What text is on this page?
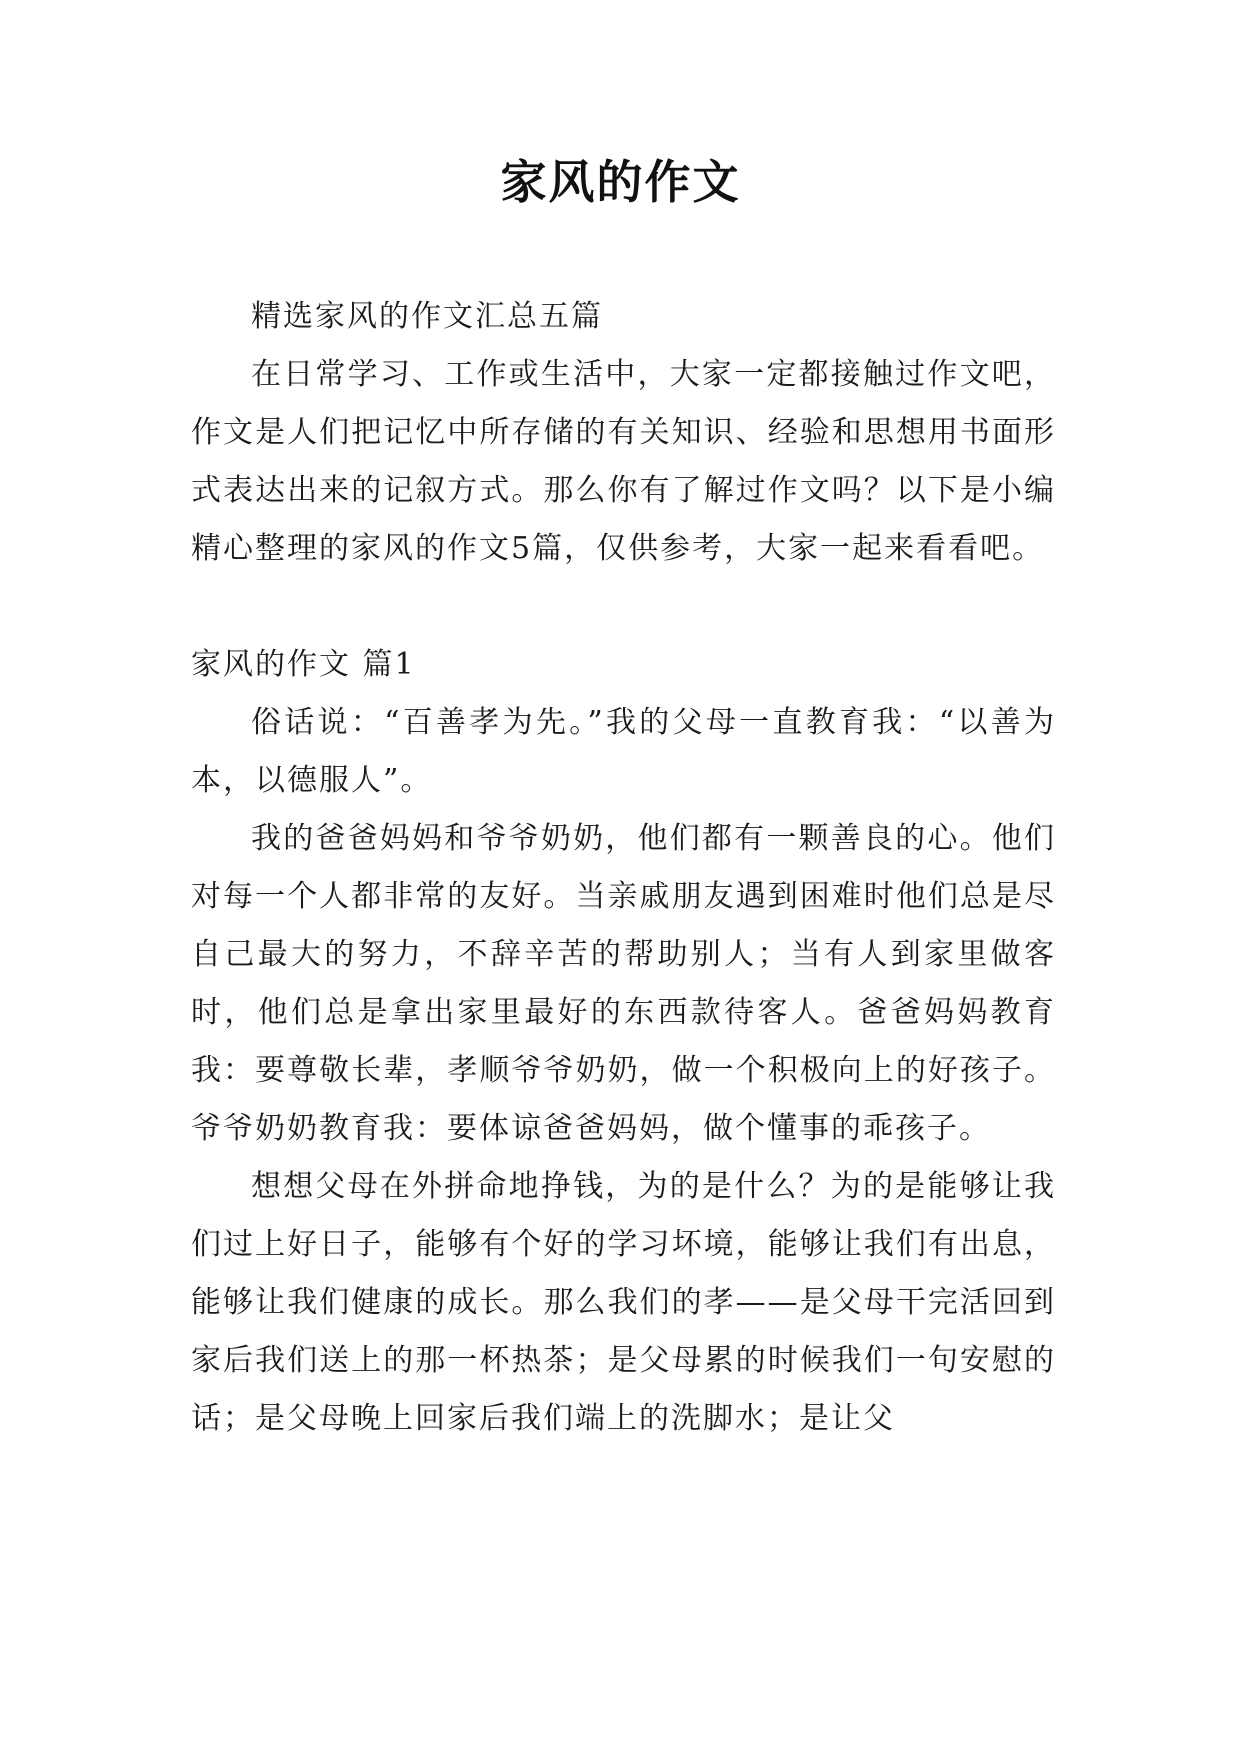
家风的作文

精选家风的作文汇总五篇

在日常学习、工作或生活中，大家一定都接触过作文吧，作文是人们把记忆中所存储的有关知识、经验和思想用书面形式表达出来的记叙方式。那么你有了解过作文吗？以下是小编精心整理的家风的作文5篇，仅供参考，大家一起来看看吧。

家风的作文 篇1

俗话说：“百善孝为先。”我的父母一直教育我：“以善为本，以德服人”。

我的爸爸妈妈和爷爷奶奶，他们都有一颗善良的心。他们对每一个人都非常的友好。当亲戚朋友遇到困难时他们总是尽自己最大的努力，不辞辛苦的帮助别人；当有人到家里做客时，他们总是拿出家里最好的东西款待客人。爸爸妈妈教育我：要尊敬长辈，孝顺爷爷奶奶，做一个积极向上的好孩子。爷爷奶奶教育我：要体谅爸爸妈妈，做个懂事的乖孩子。

想想父母在外拼命地挣钱，为的是什么？为的是能够让我们过上好日子，能够有个好的学习坏境，能够让我们有出息，能够让我们健康的成长。那么我们的孝——是父母干完活回到家后我们送上的那一杯热茶；是父母累的时候我们一句安慰的话；是父母晚上回家后我们端上的洗脚水；是让父
